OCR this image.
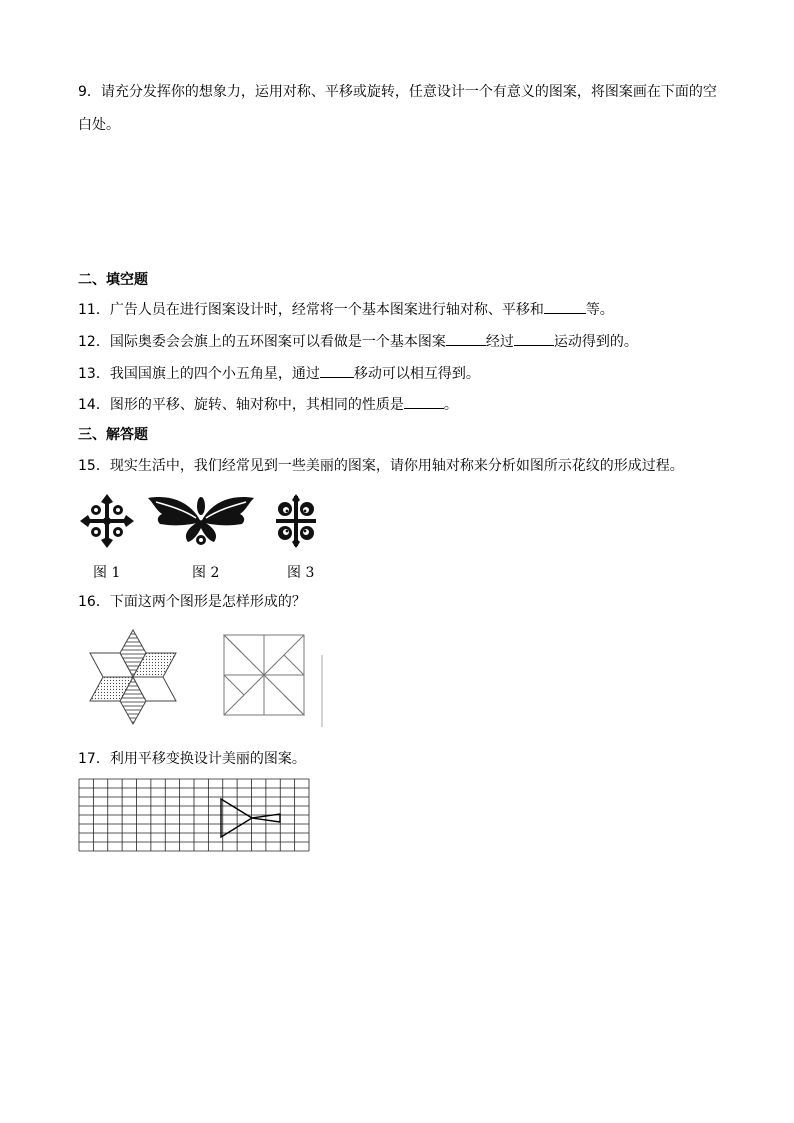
9．请充分发挥你的想象力，运用对称、平移或旋转，任意设计一个有意义的图案，将图案画在下面的空
白处。
二、填空题
11．广告人员在进行图案设计时，经常将一个基本图案进行轴对称、平移和	等。
12．国际奥委会会旗上的五环图案可以看做是一个基本图案	经过	运动得到的。
13．我国国旗上的四个小五角星，通过 移动可以相互得到。
14．图形的平移、旋转、轴对称中，其相同的性质是	。
三、解答题
15．现实生活中，我们经常见到一些美丽的图案，请你用轴对称来分析如图所示花纹的形成过程。
图 1	图 2	图 3
16．下面这两个图形是怎样形成的？
17．利用平移变换设计美丽的图案。
